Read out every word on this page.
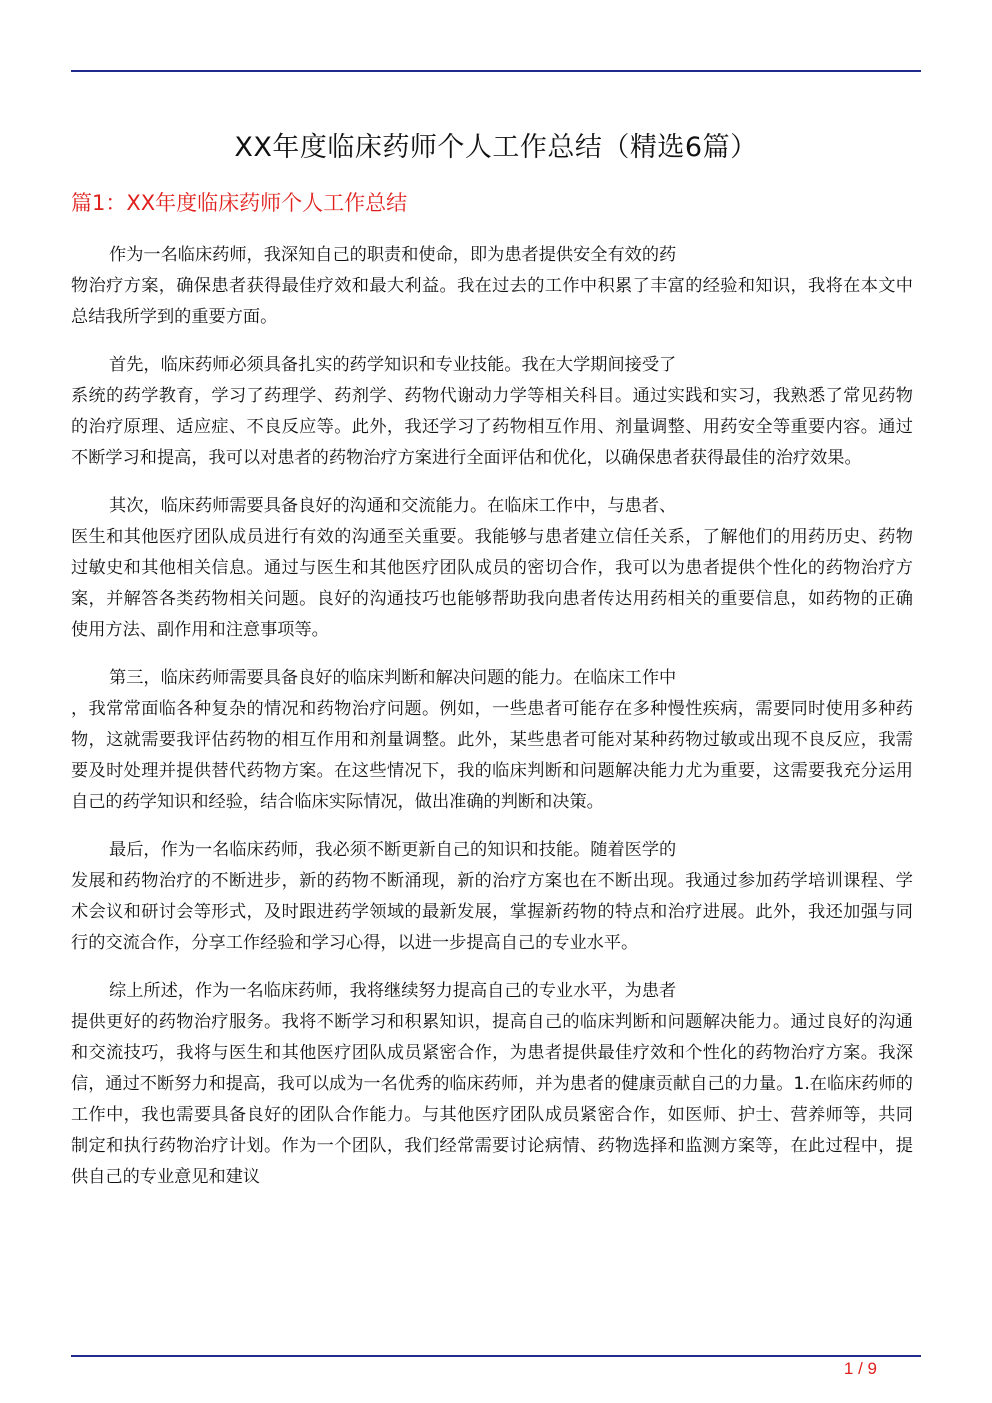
XX年度临床药师个人工作总结（精选6篇）
篇1：XX年度临床药师个人工作总结

作为一名临床药师，我深知自己的职责和使命，即为患者提供安全有效的药
物治疗方案，确保患者获得最佳疗效和最大利益。我在过去的工作中积累了丰富的经验和知识，我将在本文中总结我所学到的重要方面。

首先，临床药师必须具备扎实的药学知识和专业技能。我在大学期间接受了
系统的药学教育，学习了药理学、药剂学、药物代谢动力学等相关科目。通过实践和实习，我熟悉了常见药物的治疗原理、适应症、不良反应等。此外，我还学习了药物相互作用、剂量调整、用药安全等重要内容。通过不断学习和提高，我可以对患者的药物治疗方案进行全面评估和优化，以确保患者获得最佳的治疗效果。

其次，临床药师需要具备良好的沟通和交流能力。在临床工作中，与患者、
医生和其他医疗团队成员进行有效的沟通至关重要。我能够与患者建立信任关系，了解他们的用药历史、药物过敏史和其他相关信息。通过与医生和其他医疗团队成员的密切合作，我可以为患者提供个性化的药物治疗方案，并解答各类药物相关问题。良好的沟通技巧也能够帮助我向患者传达用药相关的重要信息，如药物的正确使用方法、副作用和注意事项等。

第三，临床药师需要具备良好的临床判断和解决问题的能力。在临床工作中
，我常常面临各种复杂的情况和药物治疗问题。例如，一些患者可能存在多种慢性疾病，需要同时使用多种药物，这就需要我评估药物的相互作用和剂量调整。此外，某些患者可能对某种药物过敏或出现不良反应，我需要及时处理并提供替代药物方案。在这些情况下，我的临床判断和问题解决能力尤为重要，这需要我充分运用自己的药学知识和经验，结合临床实际情况，做出准确的判断和决策。

最后，作为一名临床药师，我必须不断更新自己的知识和技能。随着医学的
发展和药物治疗的不断进步，新的药物不断涌现，新的治疗方案也在不断出现。我通过参加药学培训课程、学术会议和研讨会等形式，及时跟进药学领域的最新发展，掌握新药物的特点和治疗进展。此外，我还加强与同行的交流合作，分享工作经验和学习心得，以进一步提高自己的专业水平。

综上所述，作为一名临床药师，我将继续努力提高自己的专业水平，为患者
提供更好的药物治疗服务。我将不断学习和积累知识，提高自己的临床判断和问题解决能力。通过良好的沟通和交流技巧，我将与医生和其他医疗团队成员紧密合作，为患者提供最佳疗效和个性化的药物治疗方案。我深信，通过不断努力和提高，我可以成为一名优秀的临床药师，并为患者的健康贡献自己的力量。1.在临床药师的工作中，我也需要具备良好的团队合作能力。与其他医疗团队成员紧密合作，如医师、护士、营养师等，共同制定和执行药物治疗计划。作为一个团队，我们经常需要讨论病情、药物选择和监测方案等，在此过程中，提供自己的专业意见和建议

1 / 9
